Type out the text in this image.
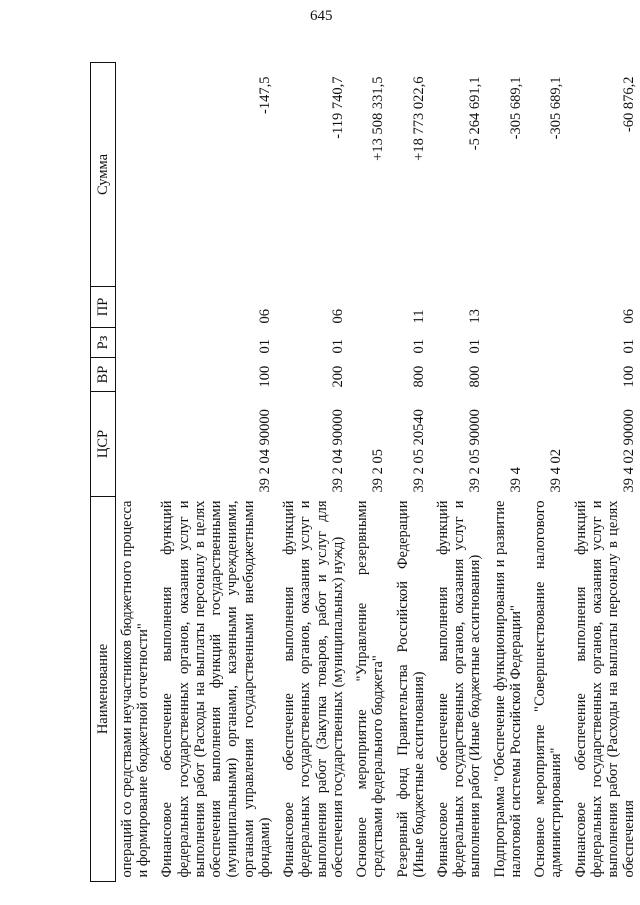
645
Наименование	ЦСР	ВР	Рз	ПР	Сумма
операций со средствами неучастников бюджетного процесса и формирование бюджетной отчетности"					
Финансовое обеспечение выполнения функций федеральных государственных органов, оказания услуг и выполнения работ (Расходы на выплаты персоналу в целях обеспечения выполнения функций государственными (муниципальными) органами, казенными учреждениями, органами управления государственными внебюджетными фондами)	39 2 04 90000	100	01	06	-147,5
Финансовое обеспечение выполнения функций федеральных государственных органов, оказания услуг и выполнения работ (Закупка товаров, работ и услуг для обеспечения государственных (муниципальных) нужд)	39 2 04 90000	200	01	06	-119 740,7
Основное мероприятие "Управление резервными средствами федерального бюджета"	39 2 05				+13 508 331,5
Резервный фонд Правительства Российской Федерации (Иные бюджетные ассигнования)	39 2 05 20540	800	01	11	+18 773 022,6
Финансовое обеспечение выполнения функций федеральных государственных органов, оказания услуг и выполнения работ (Иные бюджетные ассигнования)	39 2 05 90000	800	01	13	-5 264 691,1
Подпрограмма "Обеспечение функционирования и развитие налоговой системы Российской Федерации"	39 4				-305 689,1
Основное мероприятие "Совершенствование налогового администрирования"	39 4 02				-305 689,1
Финансовое обеспечение выполнения функций федеральных государственных органов, оказания услуг и выполнения работ (Расходы на выплаты персоналу в целях обеспечения	39 4 02 90000	100	01	06	-60 876,2
